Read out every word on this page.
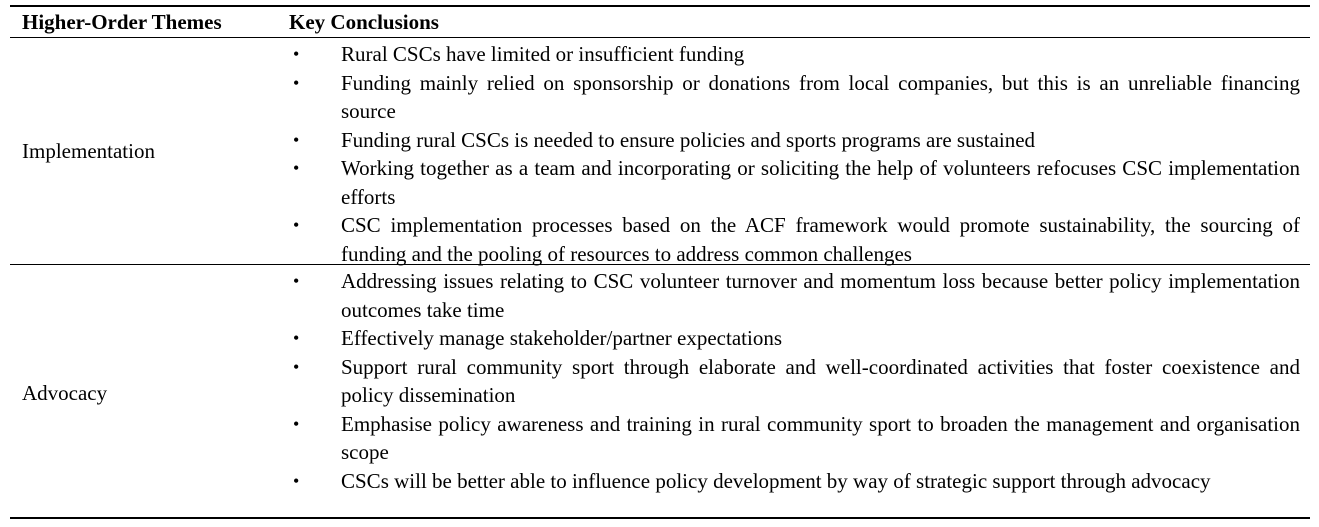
Higher-Order Themes	Key Conclusions
Implementation
•	Rural CSCs have limited or insufficient funding
•	Funding mainly relied on sponsorship or donations from local companies, but this is an unreliable financing source
•	Funding rural CSCs is needed to ensure policies and sports programs are sustained
•	Working together as a team and incorporating or soliciting the help of volunteers refocuses CSC implementation efforts
•	CSC implementation processes based on the ACF framework would promote sustainability, the sourcing of funding and the pooling of resources to address common challenges
Advocacy
•	Addressing issues relating to CSC volunteer turnover and momentum loss because better policy implementation outcomes take time
•	Effectively manage stakeholder/partner expectations
•	Support rural community sport through elaborate and well-coordinated activities that foster coexistence and policy dissemination
•	Emphasise policy awareness and training in rural community sport to broaden the management and organisation scope
•	CSCs will be better able to influence policy development by way of strategic support through advocacy
